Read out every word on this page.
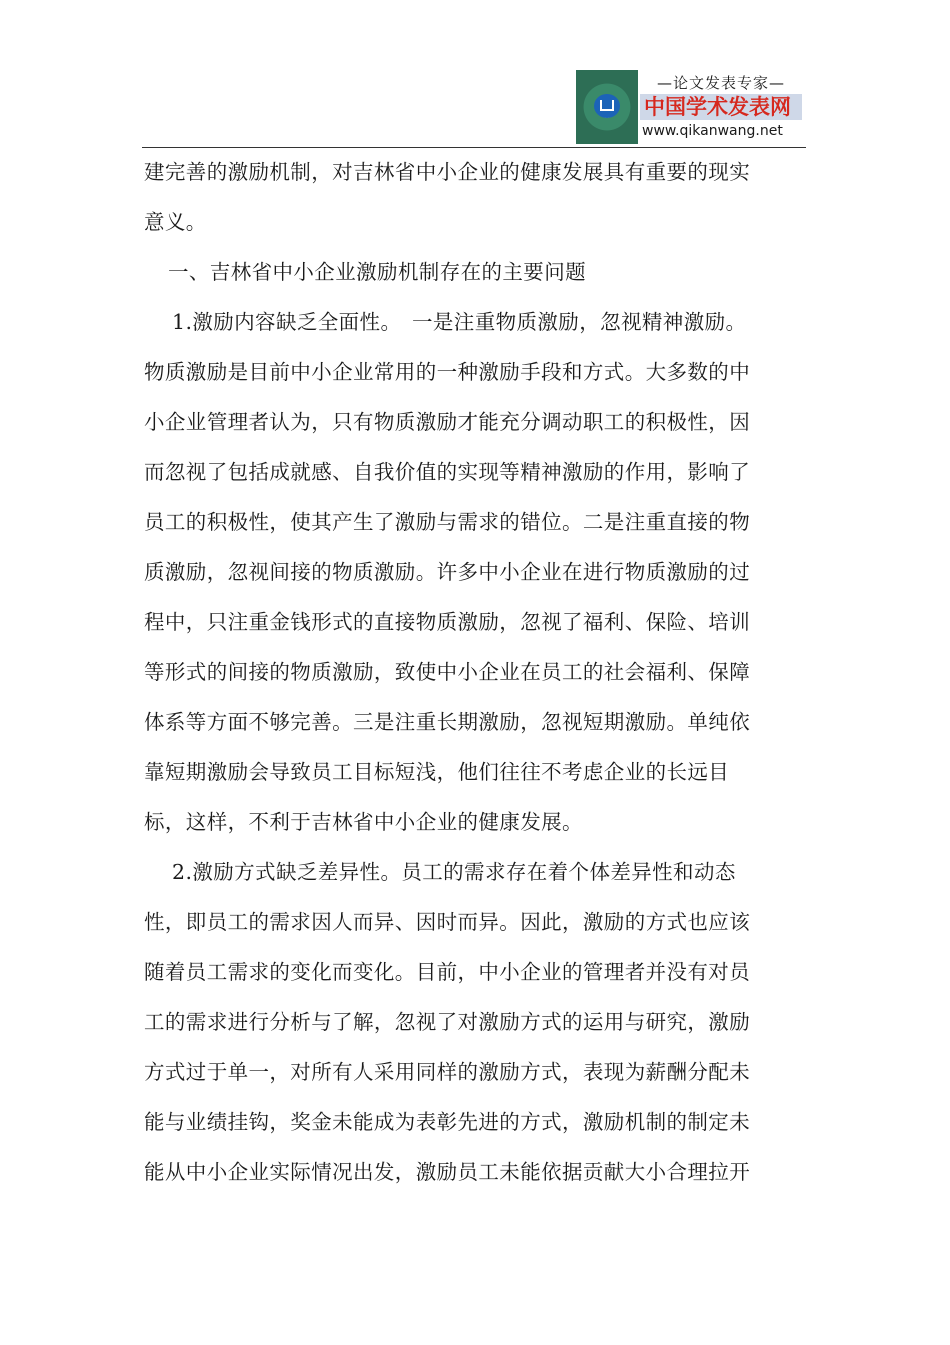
—论文发表专家—
中国学术发表网
www.qikanwang.net
建完善的激励机制，对吉林省中小企业的健康发展具有重要的现实
意义。
一、吉林省中小企业激励机制存在的主要问题
1.激励内容缺乏全面性。　一是注重物质激励，忽视精神激励。
物质激励是目前中小企业常用的一种激励手段和方式。大多数的中
小企业管理者认为，只有物质激励才能充分调动职工的积极性，因
而忽视了包括成就感、自我价值的实现等精神激励的作用，影响了
员工的积极性，使其产生了激励与需求的错位。二是注重直接的物
质激励，忽视间接的物质激励。许多中小企业在进行物质激励的过
程中，只注重金钱形式的直接物质激励，忽视了福利、保险、培训
等形式的间接的物质激励，致使中小企业在员工的社会福利、保障
体系等方面不够完善。三是注重长期激励，忽视短期激励。单纯依
靠短期激励会导致员工目标短浅，他们往往不考虑企业的长远目
标，这样，不利于吉林省中小企业的健康发展。
2.激励方式缺乏差异性。员工的需求存在着个体差异性和动态
性，即员工的需求因人而异、因时而异。因此，激励的方式也应该
随着员工需求的变化而变化。目前，中小企业的管理者并没有对员
工的需求进行分析与了解，忽视了对激励方式的运用与研究，激励
方式过于单一，对所有人采用同样的激励方式，表现为薪酬分配未
能与业绩挂钩，奖金未能成为表彰先进的方式，激励机制的制定未
能从中小企业实际情况出发，激励员工未能依据贡献大小合理拉开
